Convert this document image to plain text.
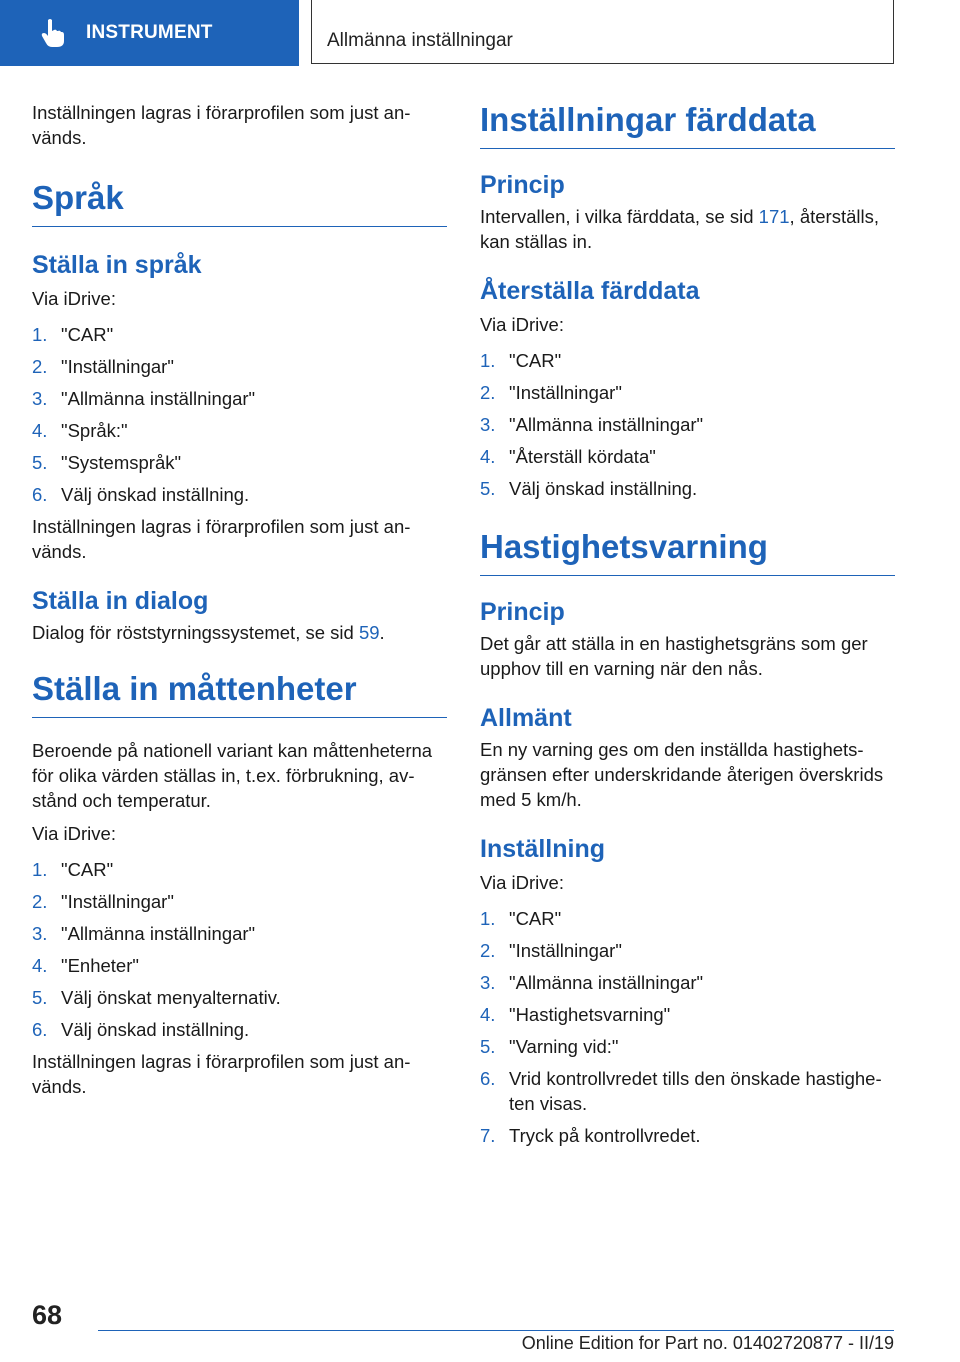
INSTRUMENT	Allmänna inställningar

Inställningen lagras i förarprofilen som just an‐vänds.

Språk
Ställa in språk

Via iDrive:

1. "CAR"
2. "Inställningar"
3. "Allmänna inställningar"
4. "Språk:"
5. "Systemspråk"
6. Välj önskad inställning.

Inställningen lagras i förarprofilen som just an‐vänds.

Ställa in dialog

Dialog för röststyrningssystemet, se sid 59.

Ställa in måttenheter

Beroende på nationell variant kan måttenheterna för olika värden ställas in, t.ex. förbrukning, av‐stånd och temperatur.

Via iDrive:

1. "CAR"
2. "Inställningar"
3. "Allmänna inställningar"
4. "Enheter"
5. Välj önskat menyalternativ.
6. Välj önskad inställning.

Inställningen lagras i förarprofilen som just an‐vänds.

Inställningar färddata
Princip

Intervallen, i vilka färddata, se sid 171, återställs, kan ställas in.

Återställa färddata

Via iDrive:

1. "CAR"
2. "Inställningar"
3. "Allmänna inställningar"
4. "Återställ kördata"
5. Välj önskad inställning.
Hastighetsvarning
Princip

Det går att ställa in en hastighetsgräns som ger upphov till en varning när den nås.

Allmänt

En ny varning ges om den inställda hastighets‐gränsen efter underskridande återigen överskrids med 5 km/h.

Inställning

Via iDrive:

1. "CAR"
2. "Inställningar"
3. "Allmänna inställningar"
4. "Hastighetsvarning"
5. "Varning vid:"
6. Vrid kontrollvredet tills den önskade hastighe‐ten visas.
7. Tryck på kontrollvredet.
68
Online Edition for Part no. 01402720877 - II/19
